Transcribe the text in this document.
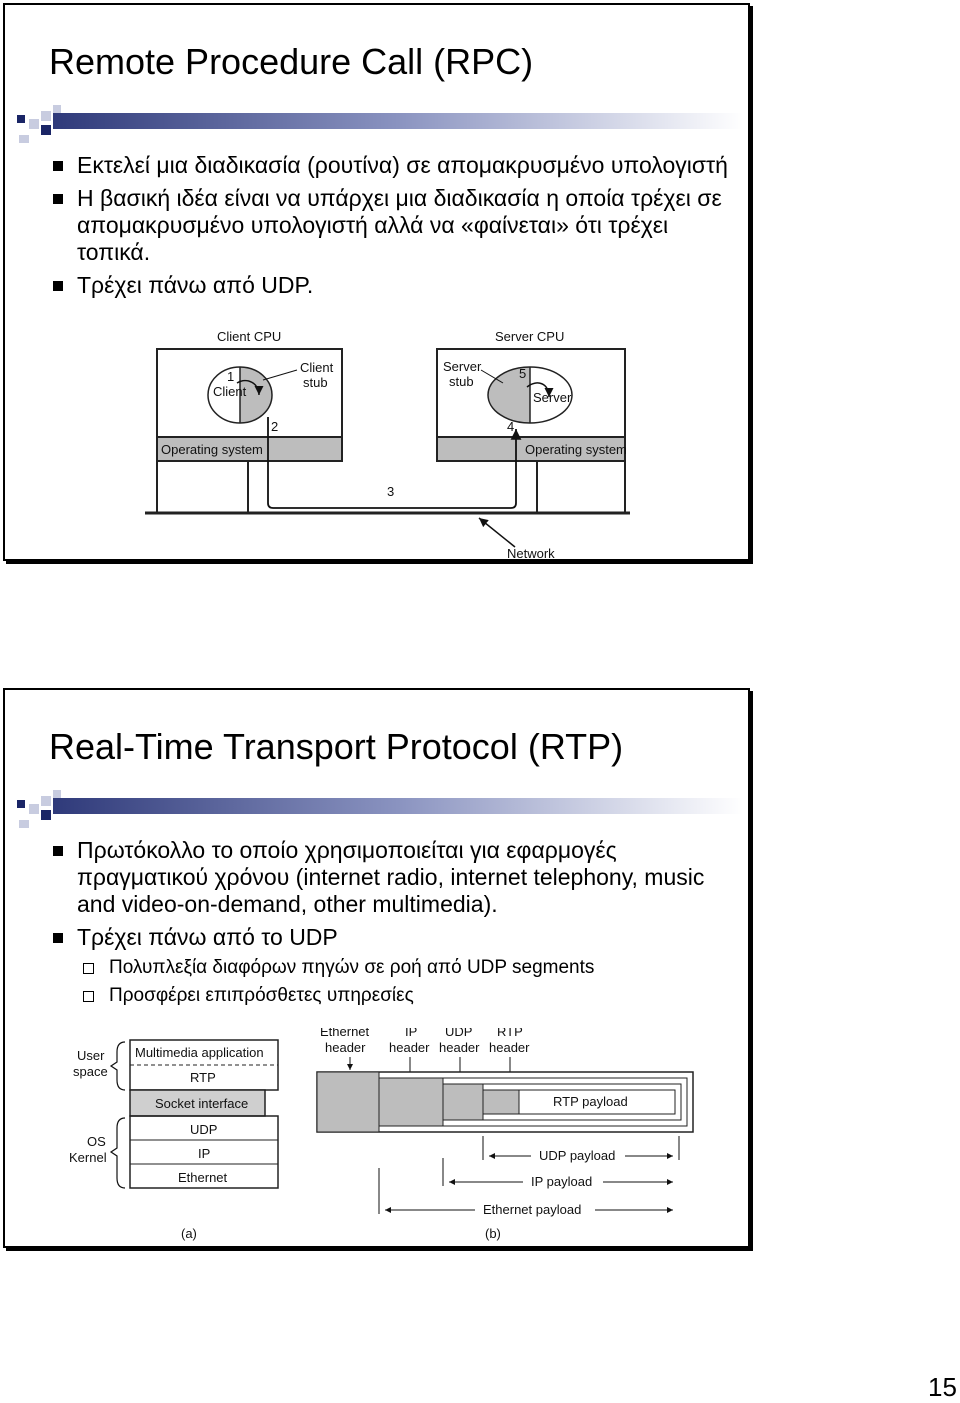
Remote Procedure Call (RPC)
Εκτελεί μια διαδικασία (ρουτίνα) σε απομακρυσμένο υπολογιστή
Η βασική ιδέα είναι να υπάρχει μια διαδικασία η οποία τρέχει σε απομακρυσμένο υπολογιστή αλλά να «φαίνεται» ότι τρέχει τοπικά.
Τρέχει πάνω από UDP.
Client CPU	Server CPU
Operating system
Client
1
Client
stub
2
Operating system
Server
stub
5
Server
4
3
Network
Real-Time Transport Protocol (RTP)
Πρωτόκολλο το οποίο χρησιμοποιείται για εφαρμογές πραγματικού χρόνου (internet radio, internet telephony, music and video-on-demand, other multimedia).
Τρέχει πάνω από το UDP
Πολυπλεξία διαφόρων πηγών σε ροή από UDP segments
Προσφέρει επιπρόσθετες υπηρεσίες
User
space
OS
Kernel
Multimedia application
RTP
Socket interface
UDP
IP
Ethernet
(a)
Ethernet
header
IP
header
UDP
header
RTP
header
RTP payload
UDP payload
IP payload
Ethernet payload
(b)
15
